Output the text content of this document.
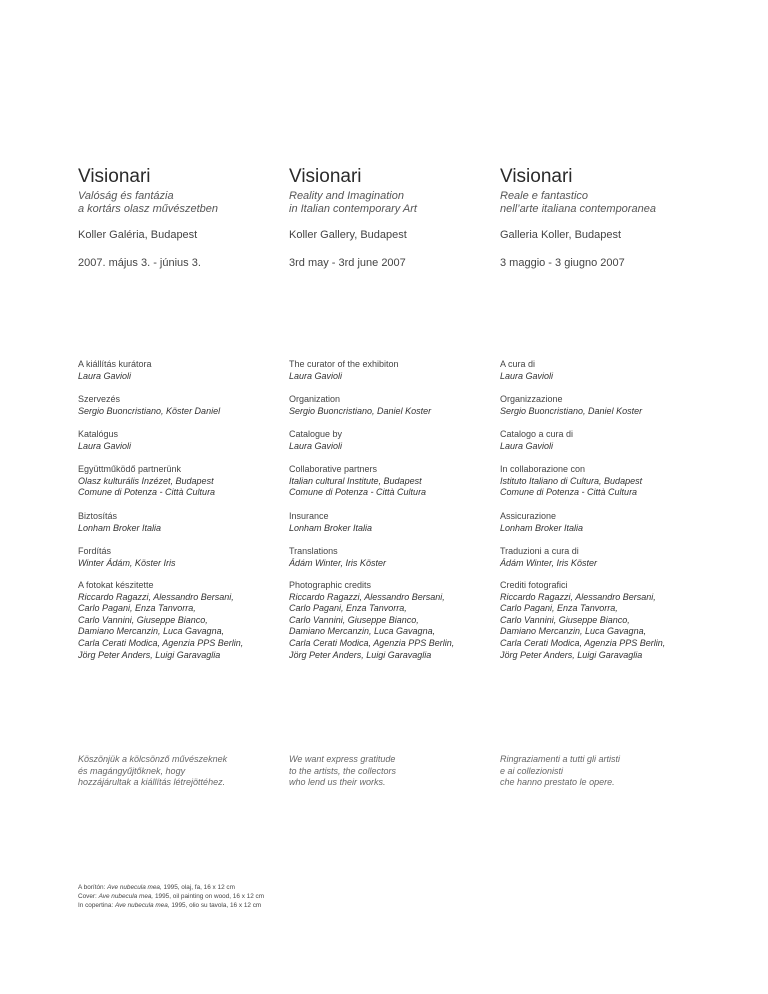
Visionari
Valóság és fantázia
a kortárs olasz művészetben
Koller Galéria, Budapest
2007. május 3. - június 3.
A kiállítás kurátora
Laura Gavioli
Szervezés
Sergio Buoncristiano, Köster Daniel
Katalógus
Laura Gavioli
Együttműködő partnerünk
Olasz kulturális Inzézet, Budapest
Comune di Potenza - Città Cultura
Biztosítás
Lonham Broker Italia
Fordítás
Winter Ádám, Köster Iris
A fotokat készitette
Riccardo Ragazzi, Alessandro Bersani,
Carlo Pagani, Enza Tanvorra,
Carlo Vannini, Giuseppe Bianco,
Damiano Mercanzin, Luca Gavagna,
Carla Cerati Modica, Agenzia PPS Berlin,
Jörg Peter Anders, Luigi Garavaglia
Köszönjük a kölcsönző művészeknek
és magángyűjtőknek, hogy
hozzájárultak a kiállítás létrejöttéhez.
Visionari
Reality and Imagination
in Italian contemporary Art
Koller Gallery, Budapest
3rd may - 3rd june 2007
The curator of the exhibiton
Laura Gavioli
Organization
Sergio Buoncristiano, Daniel Koster
Catalogue by
Laura Gavioli
Collaborative partners
Italian cultural Institute, Budapest
Comune di Potenza - Città Cultura
Insurance
Lonham Broker Italia
Translations
Ádám Winter, Iris Köster
Photographic credits
Riccardo Ragazzi, Alessandro Bersani,
Carlo Pagani, Enza Tanvorra,
Carlo Vannini, Giuseppe Bianco,
Damiano Mercanzin, Luca Gavagna,
Carla Cerati Modica, Agenzia PPS Berlin,
Jörg Peter Anders, Luigi Garavaglia
We want express gratitude
to the artists, the collectors
who lend us their works.
Visionari
Reale e fantastico
nell’arte italiana contemporanea
Galleria Koller, Budapest
3 maggio - 3 giugno 2007
A cura di
Laura Gavioli
Organizzazione
Sergio Buoncristiano, Daniel Koster
Catalogo a cura di
Laura Gavioli
In collaborazione con
Istituto Italiano di Cultura, Budapest
Comune di Potenza - Città Cultura
Assicurazione
Lonham Broker Italia
Traduzioni a cura di
Ádám Winter, Iris Köster
Crediti fotografici
Riccardo Ragazzi, Alessandro Bersani,
Carlo Pagani, Enza Tanvorra,
Carlo Vannini, Giuseppe Bianco,
Damiano Mercanzin, Luca Gavagna,
Carla Cerati Modica, Agenzia PPS Berlin,
Jörg Peter Anders, Luigi Garavaglia
Ringraziamenti a tutti gli artisti
e ai collezionisti
che hanno prestato le opere.
A borítón: Ave nubecula mea, 1995, olaj, fa, 16 x 12 cm
Cover: Ave nubecula mea, 1995, oil painting on wood, 16 x 12 cm
In copertina: Ave nubecula mea, 1995, olio su tavola, 16 x 12 cm
